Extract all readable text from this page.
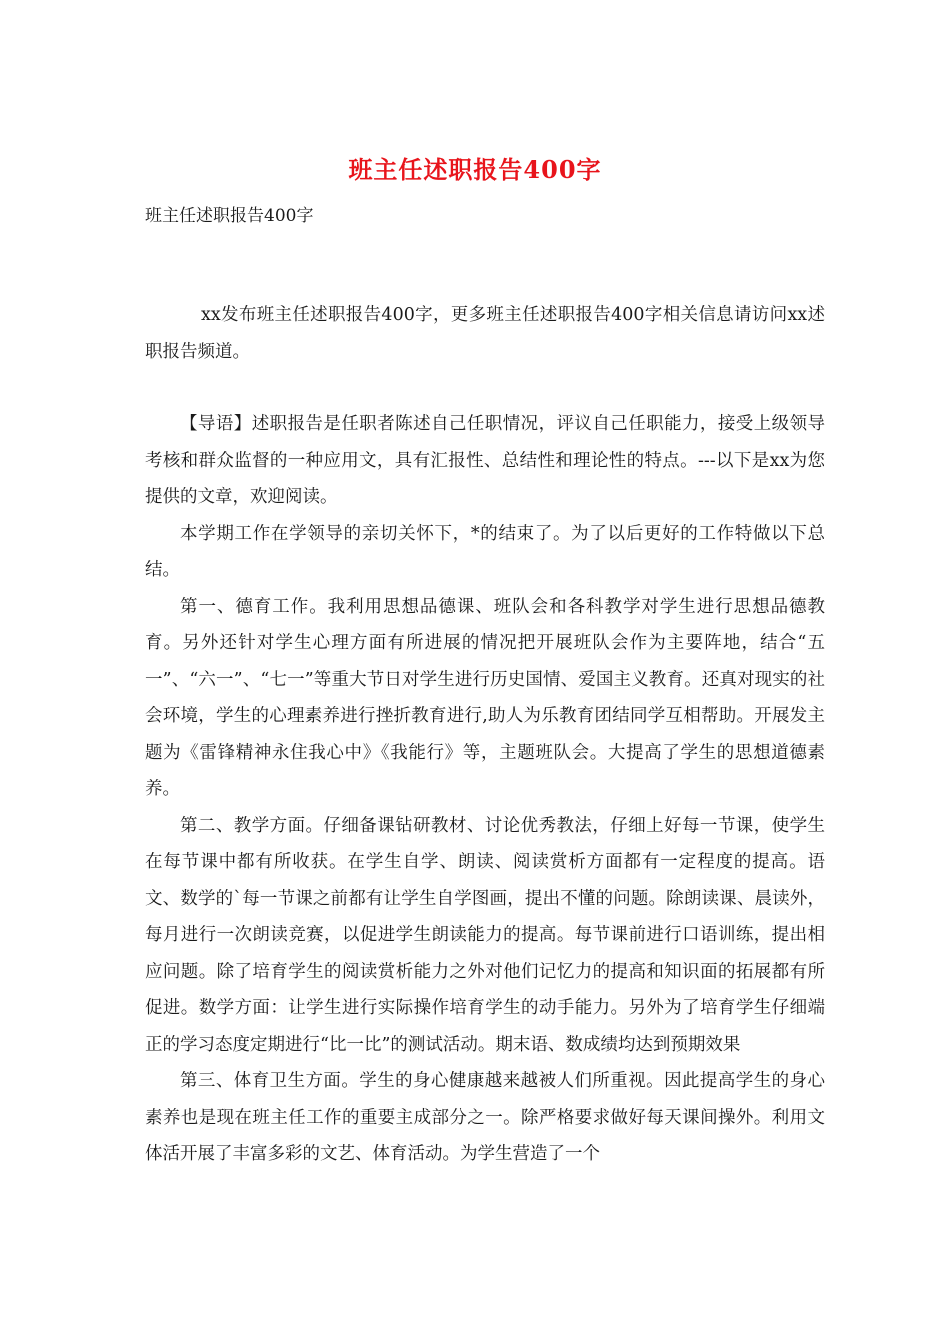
班主任述职报告400字
班主任述职报告400字

xx发布班主任述职报告400字，更多班主任述职报告400字相关信息请访问xx述职报告频道。

【导语】述职报告是任职者陈述自己任职情况，评议自己任职能力，接受上级领导考核和群众监督的一种应用文，具有汇报性、总结性和理论性的特点。---以下是xx为您提供的文章，欢迎阅读。

本学期工作在学领导的亲切关怀下，*的结束了。为了以后更好的工作特做以下总结。

第一、德育工作。我利用思想品德课、班队会和各科教学对学生进行思想品德教育。另外还针对学生心理方面有所进展的情况把开展班队会作为主要阵地，结合“五一”、“六一”、“七一”等重大节日对学生进行历史国情、爱国主义教育。还真对现实的社会环境，学生的心理素养进行挫折教育进行,助人为乐教育团结同学互相帮助。开展发主题为《雷锋精神永住我心中》《我能行》等，主题班队会。大提高了学生的思想道德素养。

第二、教学方面。仔细备课钻研教材、讨论优秀教法，仔细上好每一节课，使学生在每节课中都有所收获。在学生自学、朗读、阅读赏析方面都有一定程度的提高。语文、数学的`每一节课之前都有让学生自学图画，提出不懂的问题。除朗读课、晨读外，每月进行一次朗读竞赛，以促进学生朗读能力的提高。每节课前进行口语训练，提出相应问题。除了培育学生的阅读赏析能力之外对他们记忆力的提高和知识面的拓展都有所促进。数学方面：让学生进行实际操作培育学生的动手能力。另外为了培育学生仔细端正的学习态度定期进行“比一比”的测试活动。期末语、数成绩均达到预期效果

第三、体育卫生方面。学生的身心健康越来越被人们所重视。因此提高学生的身心素养也是现在班主任工作的重要主成部分之一。除严格要求做好每天课间操外。利用文体活开展了丰富多彩的文艺、体育活动。为学生营造了一个
